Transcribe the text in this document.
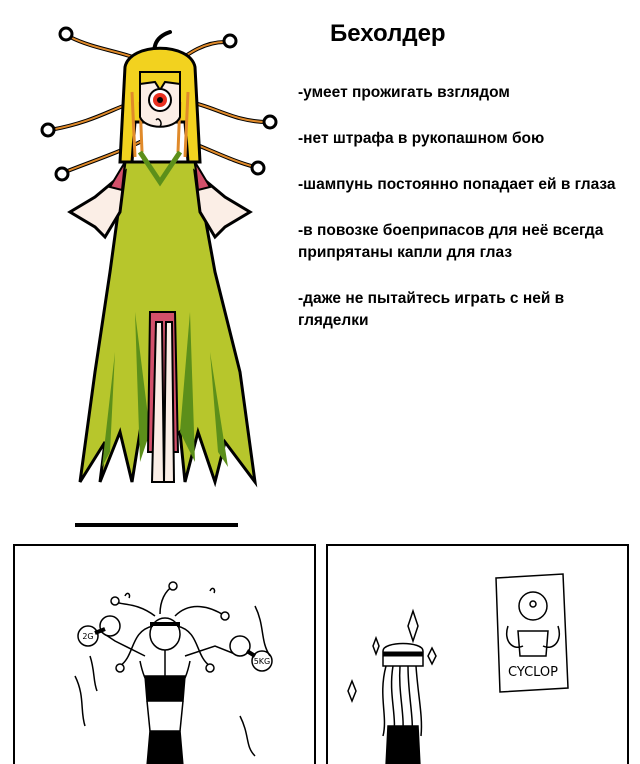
Бехолдер
-умеет прожигать взглядом
-нет штрафа в рукопашном бою
-шампунь постоянно попадает ей в глаза
-в повозке боеприпасов для неё всегда припрятаны капли для глаз
-даже не пытайтесь играть с ней в гляделки
2G
5KG
CYCLOP
